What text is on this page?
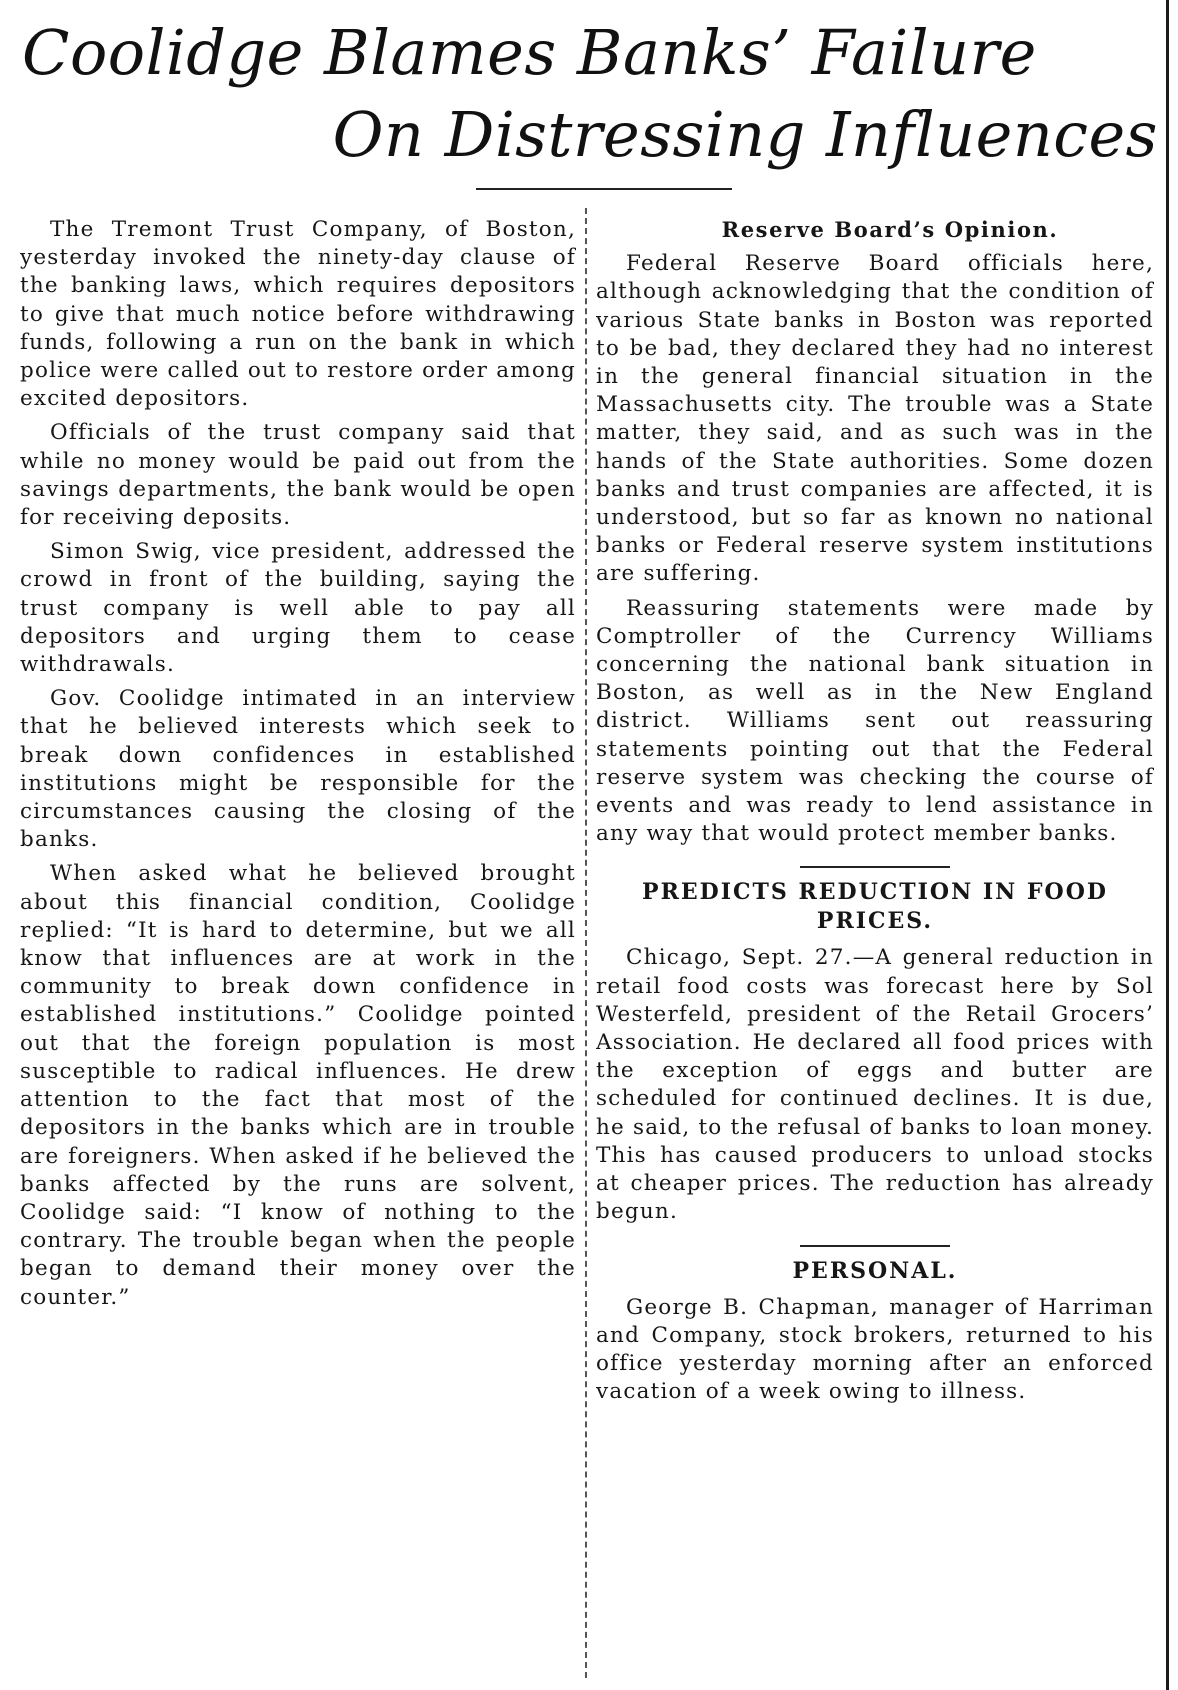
Coolidge Blames Banks’ Failure
On Distressing Influences

The Tremont Trust Company, of Boston, yesterday invoked the ninety-day clause of the banking laws, which requires depositors to give that much notice before withdrawing funds, following a run on the bank in which police were called out to restore order among excited depositors.

Officials of the trust company said that while no money would be paid out from the savings departments, the bank would be open for receiving deposits.

Simon Swig, vice president, addressed the crowd in front of the building, saying the trust company is well able to pay all depositors and urging them to cease withdrawals.

Gov. Coolidge intimated in an interview that he believed interests which seek to break down confidences in established institutions might be responsible for the circumstances causing the closing of the banks.

When asked what he believed brought about this financial condition, Coolidge replied: “It is hard to determine, but we all know that influences are at work in the community to break down confidence in established institutions.” Coolidge pointed out that the foreign population is most susceptible to radical influences. He drew attention to the fact that most of the depositors in the banks which are in trouble are foreigners. When asked if he believed the banks affected by the runs are solvent, Coolidge said: “I know of nothing to the contrary. The trouble began when the people began to demand their money over the counter.”

Reserve Board’s Opinion.

Federal Reserve Board officials here, although acknowledging that the condition of various State banks in Boston was reported to be bad, they declared they had no interest in the general financial situation in the Massachusetts city. The trouble was a State matter, they said, and as such was in the hands of the State authorities. Some dozen banks and trust companies are affected, it is understood, but so far as known no national banks or Federal reserve system institutions are suffering.

Reassuring statements were made by Comptroller of the Currency Williams concerning the national bank situation in Boston, as well as in the New England district. Williams sent out reassuring statements pointing out that the Federal reserve system was checking the course of events and was ready to lend assistance in any way that would protect member banks.

PREDICTS REDUCTION IN FOOD PRICES.

Chicago, Sept. 27.—A general reduction in retail food costs was forecast here by Sol Westerfeld, president of the Retail Grocers’ Association. He declared all food prices with the exception of eggs and butter are scheduled for continued declines. It is due, he said, to the refusal of banks to loan money. This has caused producers to unload stocks at cheaper prices. The reduction has already begun.

PERSONAL.

George B. Chapman, manager of Harriman and Company, stock brokers, returned to his office yesterday morning after an enforced vacation of a week owing to illness.
